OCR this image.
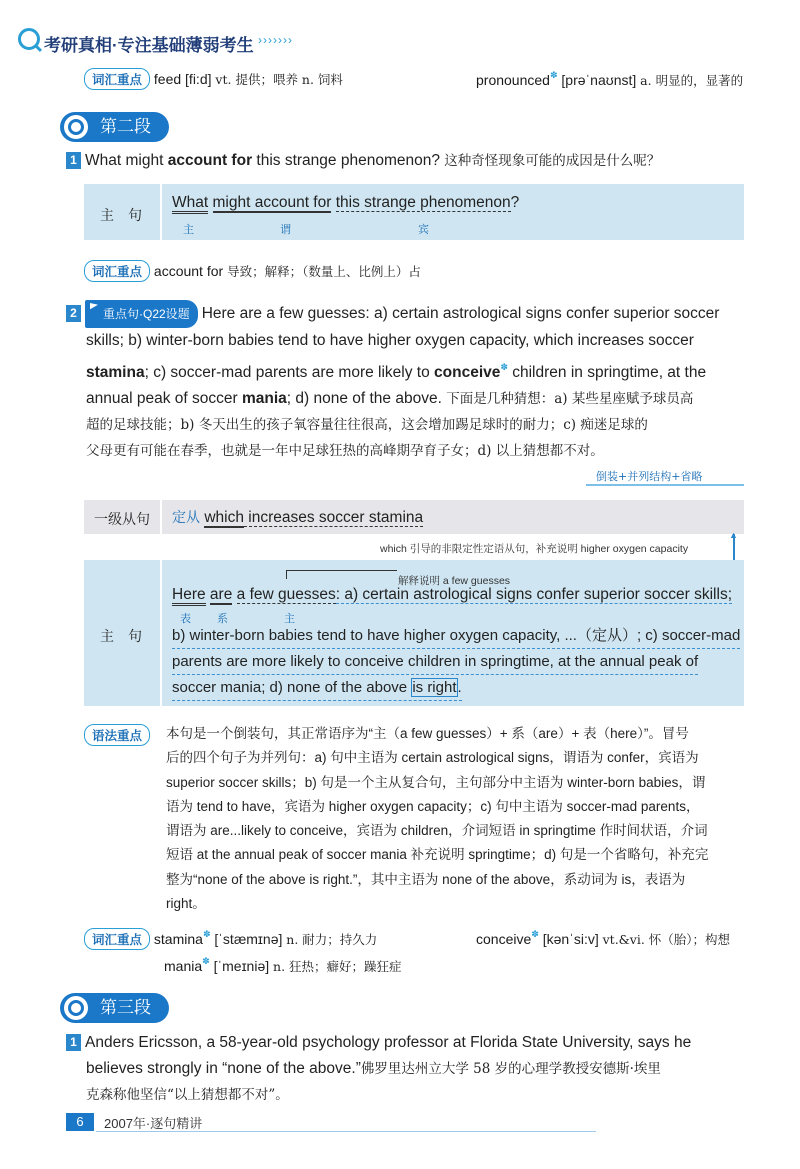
考研真相·专注基础薄弱考生 ›››››››
词汇重点 feed [fi:d] vt. 提供；喂养 n. 饲料	pronounced✽ [prəˈnaʊnst] a. 明显的，显著的
第二段
1 What might account for this strange phenomenon? 这种奇怪现象可能的成因是什么呢？
主　句
What might account for this strange phenomenon?
主	谓	宾
词汇重点 account for 导致；解释；（数量上、比例上）占
2 重点句·Q22设题 Here are a few guesses: a) certain astrological signs confer superior soccer
skills; b) winter-born babies tend to have higher oxygen capacity, which increases soccer
stamina; c) soccer-mad parents are more likely to conceive✽ children in springtime, at the
annual peak of soccer mania; d) none of the above. 下面是几种猜想：a) 某些星座赋予球员高
超的足球技能；b) 冬天出生的孩子氧容量往往很高，这会增加踢足球时的耐力；c) 痴迷足球的
父母更有可能在春季，也就是一年中足球狂热的高峰期孕育子女；d) 以上猜想都不对。
倒装+并列结构+省略
一级从句 定从 which increases soccer stamina
which 引导的非限定性定语从句，补充说明 higher oxygen capacity
▲
主　句
解释说明 a few guesses
Here are a few guesses: a) certain astrological signs confer superior soccer skills;
表 系	主
b) winter-born babies tend to have higher oxygen capacity, ...（定从）; c) soccer-mad
parents are more likely to conceive children in springtime, at the annual peak of
soccer mania; d) none of the above is right.
语法重点	本句是一个倒装句，其正常语序为“主（a few guesses）+ 系（are）+ 表（here）”。冒号
后的四个句子为并列句：a) 句中主语为 certain astrological signs，谓语为 confer，宾语为
superior soccer skills；b) 句是一个主从复合句，主句部分中主语为 winter-born babies，谓
语为 tend to have，宾语为 higher oxygen capacity；c) 句中主语为 soccer-mad parents，
谓语为 are...likely to conceive，宾语为 children，介词短语 in springtime 作时间状语，介词
短语 at the annual peak of soccer mania 补充说明 springtime；d) 句是一个省略句，补充完
整为“none of the above is right.”，其中主语为 none of the above，系动词为 is，表语为
right。
词汇重点 stamina✽ [ˈstæmɪnə] n. 耐力；持久力	conceive✽ [kənˈsi:v] vt.&vi. 怀（胎）；构想
mania✽ [ˈmeɪniə] n. 狂热；癖好；躁狂症
第三段
1 Anders Ericsson, a 58-year-old psychology professor at Florida State University, says he
believes strongly in “none of the above.”佛罗里达州立大学 58 岁的心理学教授安德斯·埃里
克森称他坚信“以上猜想都不对”。
6	2007年·逐句精讲
